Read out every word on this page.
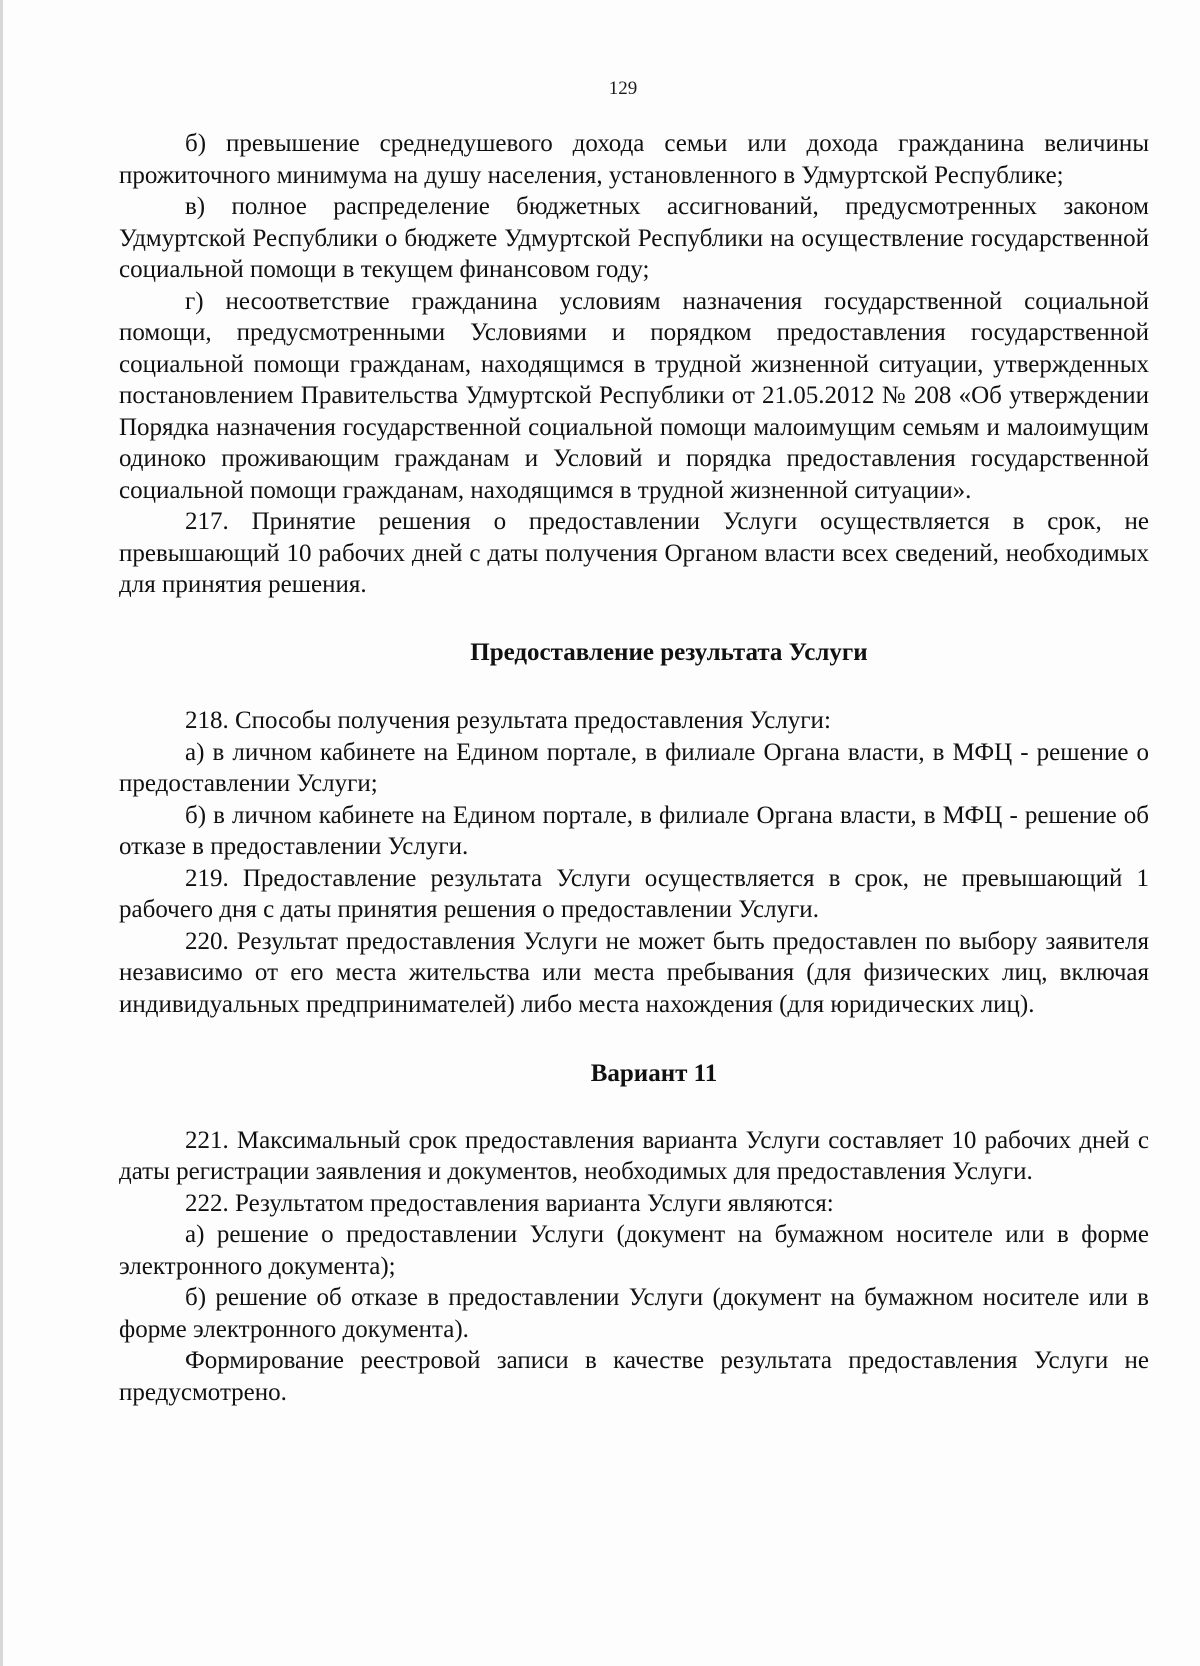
129

б) превышение среднедушевого дохода семьи или дохода гражданина величины прожиточного минимума на душу населения, установленного в Удмуртской Республике;

в) полное распределение бюджетных ассигнований, предусмотренных законом Удмуртской Республики о бюджете Удмуртской Республики на осуществление государственной социальной помощи в текущем финансовом году;

г) несоответствие гражданина условиям назначения государственной социальной помощи, предусмотренными Условиями и порядком предоставления государственной социальной помощи гражданам, находящимся в трудной жизненной ситуации, утвержденных постановлением Правительства Удмуртской Республики от 21.05.2012 № 208 «Об утверждении Порядка назначения государственной социальной помощи малоимущим семьям и малоимущим одиноко проживающим гражданам и Условий и порядка предоставления государственной социальной помощи гражданам, находящимся в трудной жизненной ситуации».

217. Принятие решения о предоставлении Услуги осуществляется в срок, не превышающий 10 рабочих дней с даты получения Органом власти всех сведений, необходимых для принятия решения.

Предоставление результата Услуги

218. Способы получения результата предоставления Услуги:

а) в личном кабинете на Едином портале, в филиале Органа власти, в МФЦ - решение о предоставлении Услуги;

б) в личном кабинете на Едином портале, в филиале Органа власти, в МФЦ - решение об отказе в предоставлении Услуги.

219. Предоставление результата Услуги осуществляется в срок, не превышающий 1 рабочего дня с даты принятия решения о предоставлении Услуги.

220. Результат предоставления Услуги не может быть предоставлен по выбору заявителя независимо от его места жительства или места пребывания (для физических лиц, включая индивидуальных предпринимателей) либо места нахождения (для юридических лиц).

Вариант 11

221. Максимальный срок предоставления варианта Услуги составляет 10 рабочих дней с даты регистрации заявления и документов, необходимых для предоставления Услуги.

222. Результатом предоставления варианта Услуги являются:

а) решение о предоставлении Услуги (документ на бумажном носителе или в форме электронного документа);

б) решение об отказе в предоставлении Услуги (документ на бумажном носителе или в форме электронного документа).

Формирование реестровой записи в качестве результата предоставления Услуги не предусмотрено.
